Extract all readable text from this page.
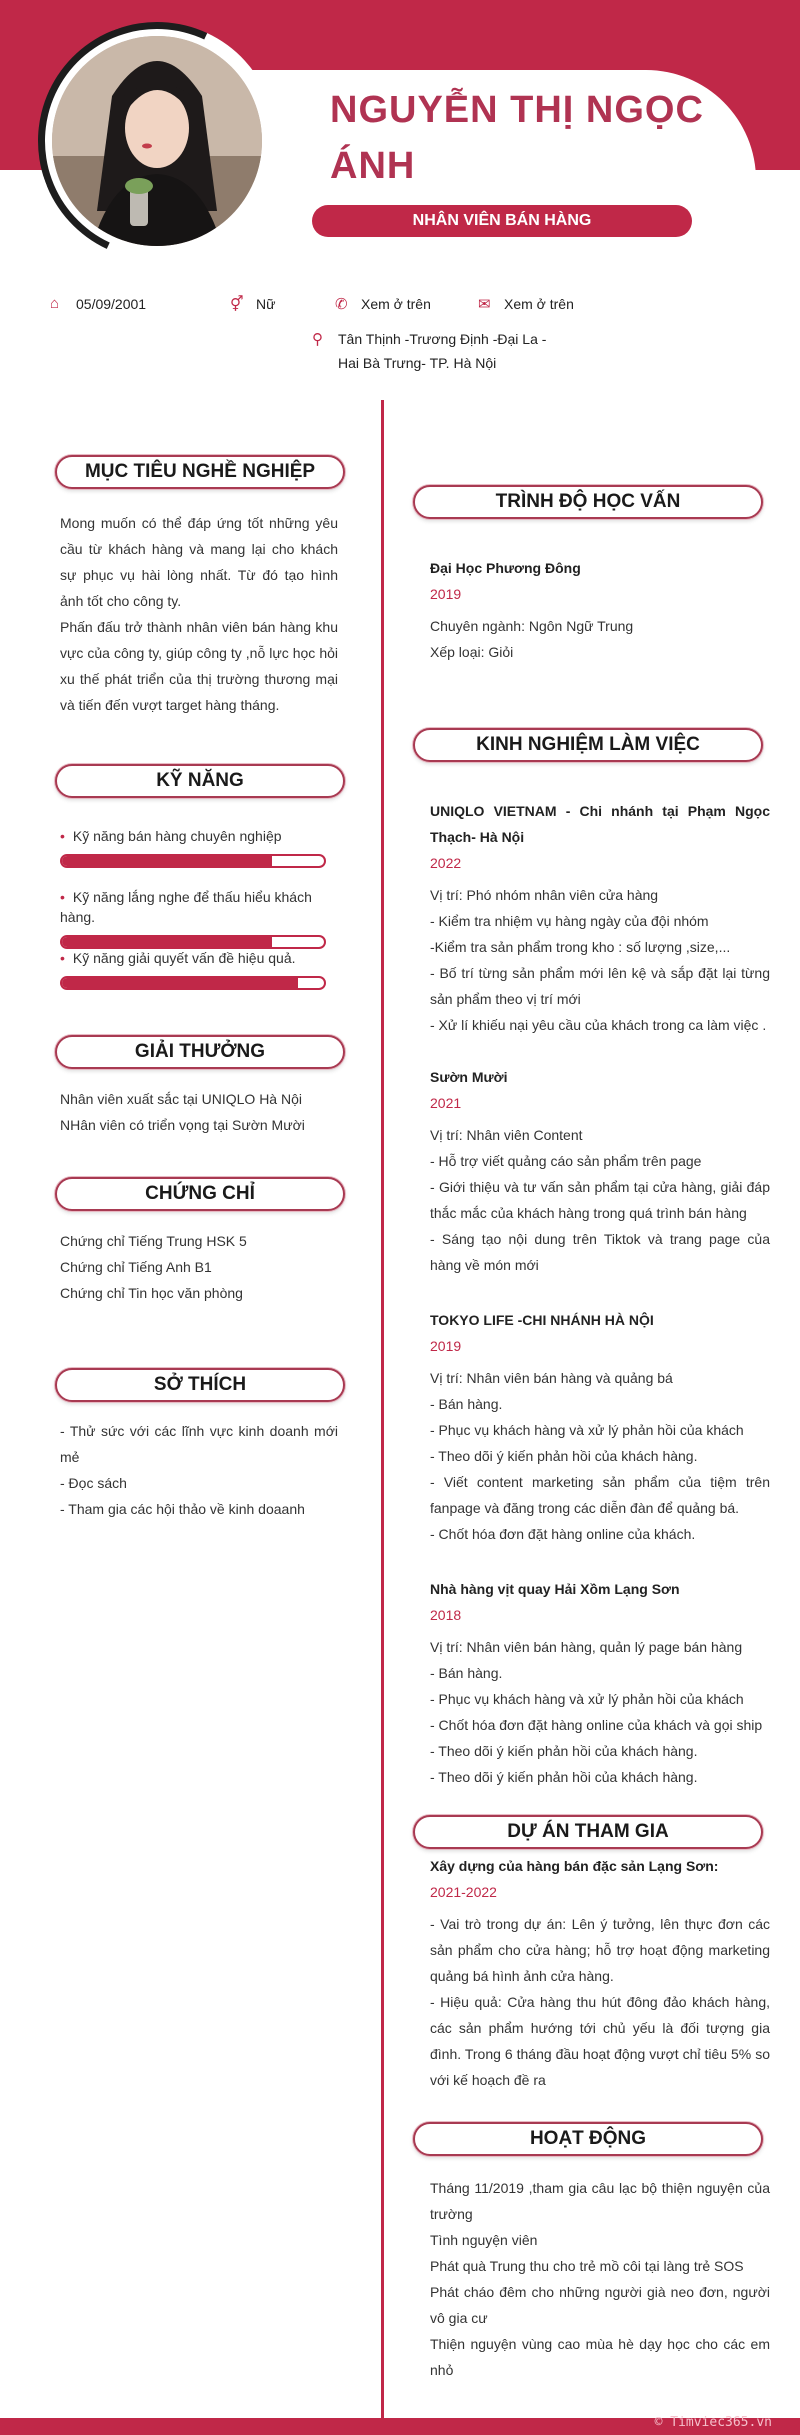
NGUYỄN THỊ NGỌC ÁNH
NHÂN VIÊN BÁN HÀNG
⌂	05/09/2001	⚥ Nữ	✆ Xem ở trên	✉ Xem ở trên
⚲	Tân Thịnh -Trương Định -Đại La -
Hai Bà Trưng- TP. Hà Nội
MỤC TIÊU NGHỀ NGHIỆP

Mong muốn có thể đáp ứng tốt những yêu cầu từ khách hàng và mang lại cho khách sự phục vụ hài lòng nhất. Từ đó tạo hình ảnh tốt cho công ty.

Phấn đấu trở thành nhân viên bán hàng khu vực của công ty, giúp công ty ,nỗ lực học hỏi xu thế phát triển của thị trường thương mại và tiến đến vượt target hàng tháng.

KỸ NĂNG
• Kỹ năng bán hàng chuyên nghiệp
• Kỹ năng lắng nghe để thấu hiểu khách hàng.
• Kỹ năng giải quyết vấn đề hiệu quả.
GIẢI THƯỞNG

Nhân viên xuất sắc tại UNIQLO Hà Nội

NHân viên có triển vọng tại Sườn Mười

CHỨNG CHỈ

Chứng chỉ Tiếng Trung HSK 5

Chứng chỉ Tiếng Anh B1

Chứng chỉ Tin học văn phòng

SỞ THÍCH

- Thử sức với các lĩnh vực kinh doanh mới mẻ

- Đọc sách

- Tham gia các hội thảo về kinh doaanh

TRÌNH ĐỘ HỌC VẤN
Đại Học Phương Đông
2019
Chuyên ngành: Ngôn Ngữ Trung
Xếp loại: Giỏi
KINH NGHIỆM LÀM VIỆC
UNIQLO VIETNAM - Chi nhánh tại Phạm Ngọc Thạch- Hà Nội
2022
Vị trí: Phó nhóm nhân viên cửa hàng
- Kiểm tra nhiệm vụ hàng ngày của đội nhóm
-Kiểm tra sản phẩm trong kho : số lượng ,size,...
- Bố trí từng sản phẩm mới lên kệ và sắp đặt lại từng sản phẩm theo vị trí mới
- Xử lí khiếu nại yêu cầu của khách trong ca làm việc .
Sườn Mười
2021
Vị trí: Nhân viên Content
- Hỗ trợ viết quảng cáo sản phẩm trên page
- Giới thiệu và tư vấn sản phẩm tại cửa hàng, giải đáp thắc mắc của khách hàng trong quá trình bán hàng
- Sáng tạo nội dung trên Tiktok và trang page của hàng về món mới
TOKYO LIFE -CHI NHÁNH HÀ NỘI
2019
Vị trí: Nhân viên bán hàng và quảng bá
- Bán hàng.
- Phục vụ khách hàng và xử lý phản hồi của khách
- Theo dõi ý kiến phản hồi của khách hàng.
- Viết content marketing sản phẩm của tiệm trên fanpage và đăng trong các diễn đàn để quảng bá.
- Chốt hóa đơn đặt hàng online của khách.
Nhà hàng vịt quay Hải Xồm Lạng Sơn
2018
Vị trí: Nhân viên bán hàng, quản lý page bán hàng
- Bán hàng.
- Phục vụ khách hàng và xử lý phản hồi của khách
- Chốt hóa đơn đặt hàng online của khách và gọi ship
- Theo dõi ý kiến phản hồi của khách hàng.
- Theo dõi ý kiến phản hồi của khách hàng.
DỰ ÁN THAM GIA
Xây dựng của hàng bán đặc sản Lạng Sơn:
2021-2022
- Vai trò trong dự án: Lên ý tưởng, lên thực đơn các sản phẩm cho cửa hàng; hỗ trợ hoạt động marketing quảng bá hình ảnh cửa hàng.
- Hiệu quả: Cửa hàng thu hút đông đảo khách hàng, các sản phẩm hướng tới chủ yếu là đối tượng gia đình. Trong 6 tháng đầu hoạt động vượt chỉ tiêu 5% so với kế hoạch đề ra
HOẠT ĐỘNG
Tháng 11/2019 ,tham gia câu lạc bộ thiện nguyện của trường
Tình nguyện viên
Phát quà Trung thu cho trẻ mồ côi tại làng trẻ SOS
Phát cháo đêm cho những người già neo đơn, người vô gia cư
Thiện nguyện vùng cao mùa hè dạy học cho các em nhỏ
© Timviec365.vn
